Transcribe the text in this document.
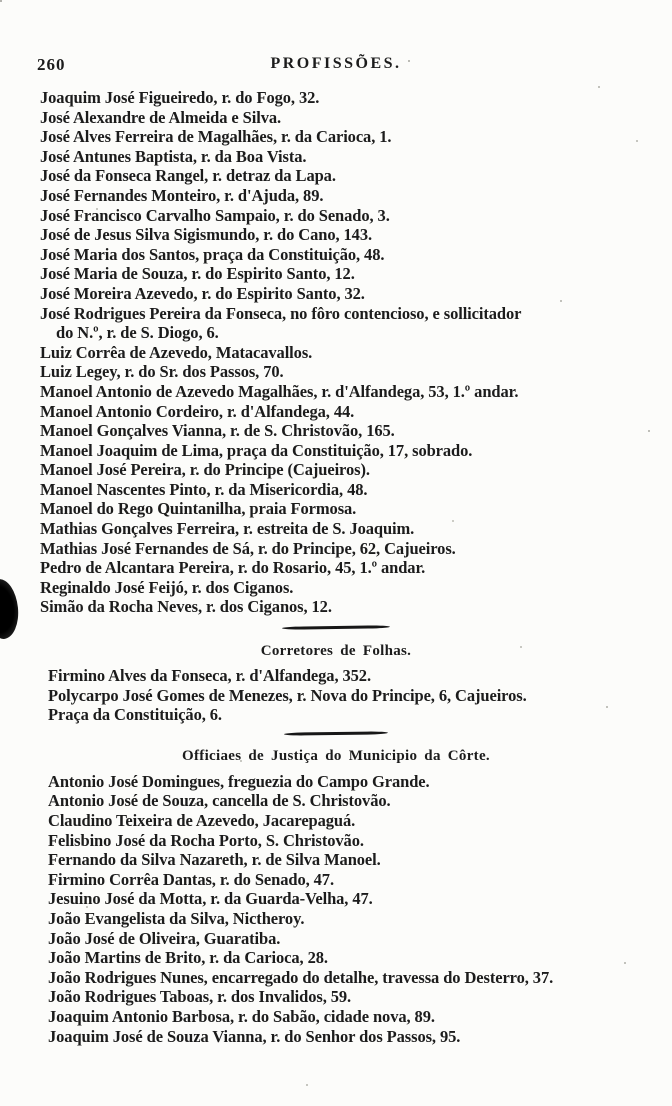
260	PROFISSÕES.
Joaquim José Figueiredo, r. do Fogo, 32.
José Alexandre de Almeida e Silva.
José Alves Ferreira de Magalhães, r. da Carioca, 1.
José Antunes Baptista, r. da Boa Vista.
José da Fonseca Rangel, r. detraz da Lapa.
José Fernandes Monteiro, r. d'Ajuda, 89.
José Francisco Carvalho Sampaio, r. do Senado, 3.
José de Jesus Silva Sigismundo, r. do Cano, 143.
José Maria dos Santos, praça da Constituição, 48.
José Maria de Souza, r. do Espirito Santo, 12.
José Moreira Azevedo, r. do Espirito Santo, 32.
José Rodrigues Pereira da Fonseca, no fôro contencioso, e sollicitador
do N.º, r. de S. Diogo, 6.
Luiz Corrêa de Azevedo, Matacavallos.
Luiz Legey, r. do Sr. dos Passos, 70.
Manoel Antonio de Azevedo Magalhães, r. d'Alfandega, 53, 1.º andar.
Manoel Antonio Cordeiro, r. d'Alfandega, 44.
Manoel Gonçalves Vianna, r. de S. Christovão, 165.
Manoel Joaquim de Lima, praça da Constituição, 17, sobrado.
Manoel José Pereira, r. do Principe (Cajueiros).
Manoel Nascentes Pinto, r. da Misericordia, 48.
Manoel do Rego Quintanilha, praia Formosa.
Mathias Gonçalves Ferreira, r. estreita de S. Joaquim.
Mathias José Fernandes de Sá, r. do Principe, 62, Cajueiros.
Pedro de Alcantara Pereira, r. do Rosario, 45, 1.º andar.
Reginaldo José Feijó, r. dos Ciganos.
Simão da Rocha Neves, r. dos Ciganos, 12.
Corretores de Folhas.
Firmino Alves da Fonseca, r. d'Alfandega, 352.
Polycarpo José Gomes de Menezes, r. Nova do Principe, 6, Cajueiros.
Praça da Constituição, 6.
Officiaes de Justiça do Municipio da Côrte.
Antonio José Domingues, freguezia do Campo Grande.
Antonio José de Souza, cancella de S. Christovão.
Claudino Teixeira de Azevedo, Jacarepaguá.
Felisbino José da Rocha Porto, S. Christovão.
Fernando da Silva Nazareth, r. de Silva Manoel.
Firmino Corrêa Dantas, r. do Senado, 47.
Jesuino José da Motta, r. da Guarda-Velha, 47.
João Evangelista da Silva, Nictheroy.
João José de Oliveira, Guaratiba.
João Martins de Brito, r. da Carioca, 28.
João Rodrigues Nunes, encarregado do detalhe, travessa do Desterro, 37.
João Rodrigues Taboas, r. dos Invalidos, 59.
Joaquim Antonio Barbosa, r. do Sabão, cidade nova, 89.
Joaquim José de Souza Vianna, r. do Senhor dos Passos, 95.
